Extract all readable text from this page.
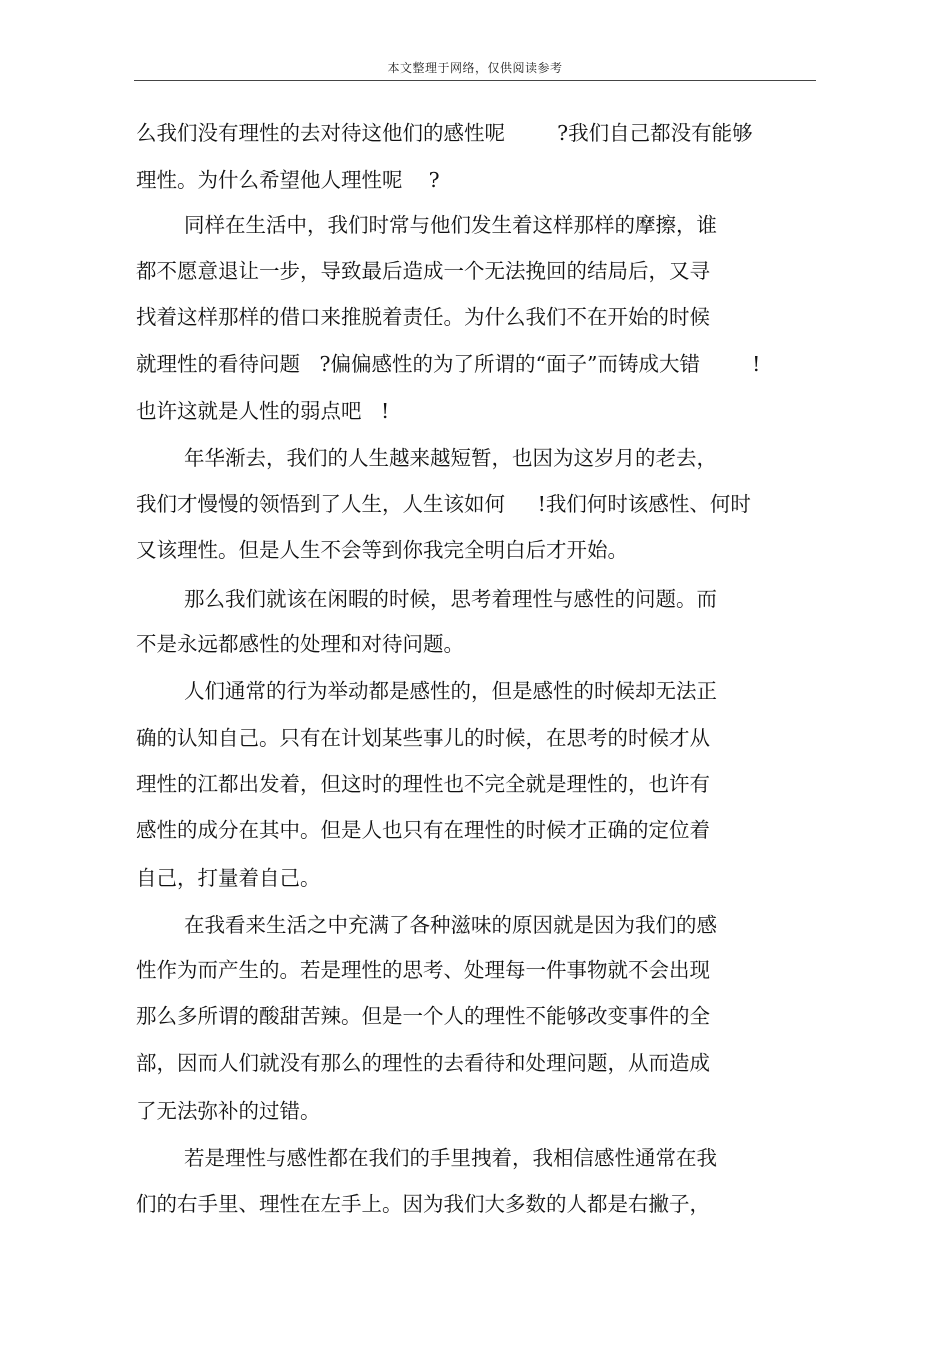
本文整理于网络，仅供阅读参考
么我们没有理性的去对待这他们的感性呢        ?我们自己都没有能够
理性。为什么希望他人理性呢    ?
同样在生活中，我们时常与他们发生着这样那样的摩擦，谁
都不愿意退让一步，导致最后造成一个无法挽回的结局后，又寻
找着这样那样的借口来推脱着责任。为什么我们不在开始的时候
就理性的看待问题   ?偏偏感性的为了所谓的“面子”而铸成大错        !
也许这就是人性的弱点吧   !
年华渐去，我们的人生越来越短暂，也因为这岁月的老去，
我们才慢慢的领悟到了人生，人生该如何     !我们何时该感性、何时
又该理性。但是人生不会等到你我完全明白后才开始。
那么我们就该在闲暇的时候，思考着理性与感性的问题。而
不是永远都感性的处理和对待问题。
人们通常的行为举动都是感性的，但是感性的时候却无法正
确的认知自己。只有在计划某些事儿的时候，在思考的时候才从
理性的江都出发着，但这时的理性也不完全就是理性的，也许有
感性的成分在其中。但是人也只有在理性的时候才正确的定位着
自己，打量着自己。
在我看来生活之中充满了各种滋味的原因就是因为我们的感
性作为而产生的。若是理性的思考、处理每一件事物就不会出现
那么多所谓的酸甜苦辣。但是一个人的理性不能够改变事件的全
部，因而人们就没有那么的理性的去看待和处理问题，从而造成
了无法弥补的过错。
若是理性与感性都在我们的手里拽着，我相信感性通常在我
们的右手里、理性在左手上。因为我们大多数的人都是右撇子，
